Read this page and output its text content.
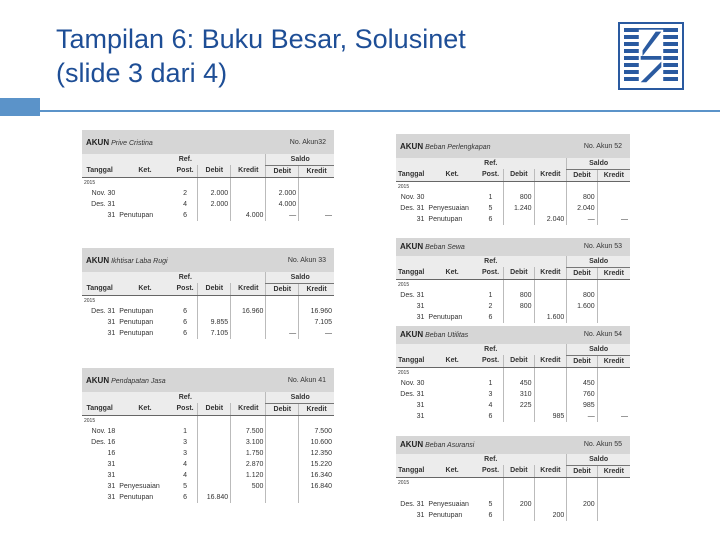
Tampilan 6: Buku Besar, Solusinet
(slide 3 dari 4)
AKUN Prive Cristina	No. Akun32
		Ref.			Saldo	
Tanggal	Ket.	Post.	Debit	Kredit	Debit	Kredit
2015						
Nov. 30		2	2.000		2.000	
Des. 31		4	2.000		4.000	
31	Penutupan	6		4.000	—	—
AKUN Ikhtisar Laba Rugi	No. Akun 33
		Ref.			Saldo	
Tanggal	Ket.	Post.	Debit	Kredit	Debit	Kredit
2015						
Des. 31	Penutupan	6		16.960		16.960
31	Penutupan	6	9.855			7.105
31	Penutupan	6	7.105		—	—
AKUN Pendapatan Jasa	No. Akun 41
		Ref.			Saldo	
Tanggal	Ket.	Post.	Debit	Kredit	Debit	Kredit
2015						
Nov. 18		1		7.500		7.500
Des. 16		3		3.100		10.600
16		3		1.750		12.350
31		4		2.870		15.220
31		4		1.120		16.340
31	Penyesuaian	5		500		16.840
31	Penutupan	6	16.840			
AKUN Beban Perlengkapan	No. Akun 52
		Ref.			Saldo	
Tanggal	Ket.	Post.	Debit	Kredit	Debit	Kredit
2015						
Nov. 30		1	800		800	
Des. 31	Penyesuaian	5	1.240		2.040	
31	Penutupan	6		2.040	—	—
AKUN Beban Sewa	No. Akun 53
		Ref.			Saldo	
Tanggal	Ket.	Post.	Debit	Kredit	Debit	Kredit
2015						
Des. 31		1	800		800	
31		2	800		1.600	
31	Penutupan	6		1.600		
AKUN Beban Utilitas	No. Akun 54
		Ref.			Saldo	
Tanggal	Ket.	Post.	Debit	Kredit	Debit	Kredit
2015						
Nov. 30		1	450		450	
Des. 31		3	310		760	
31		4	225		985	
31		6		985	—	—
AKUN Beban Asuransi	No. Akun 55
		Ref.			Saldo	
Tanggal	Ket.	Post.	Debit	Kredit	Debit	Kredit
2015						

Des. 31	Penyesuaian	5	200		200	
31	Penutupan	6		200		
